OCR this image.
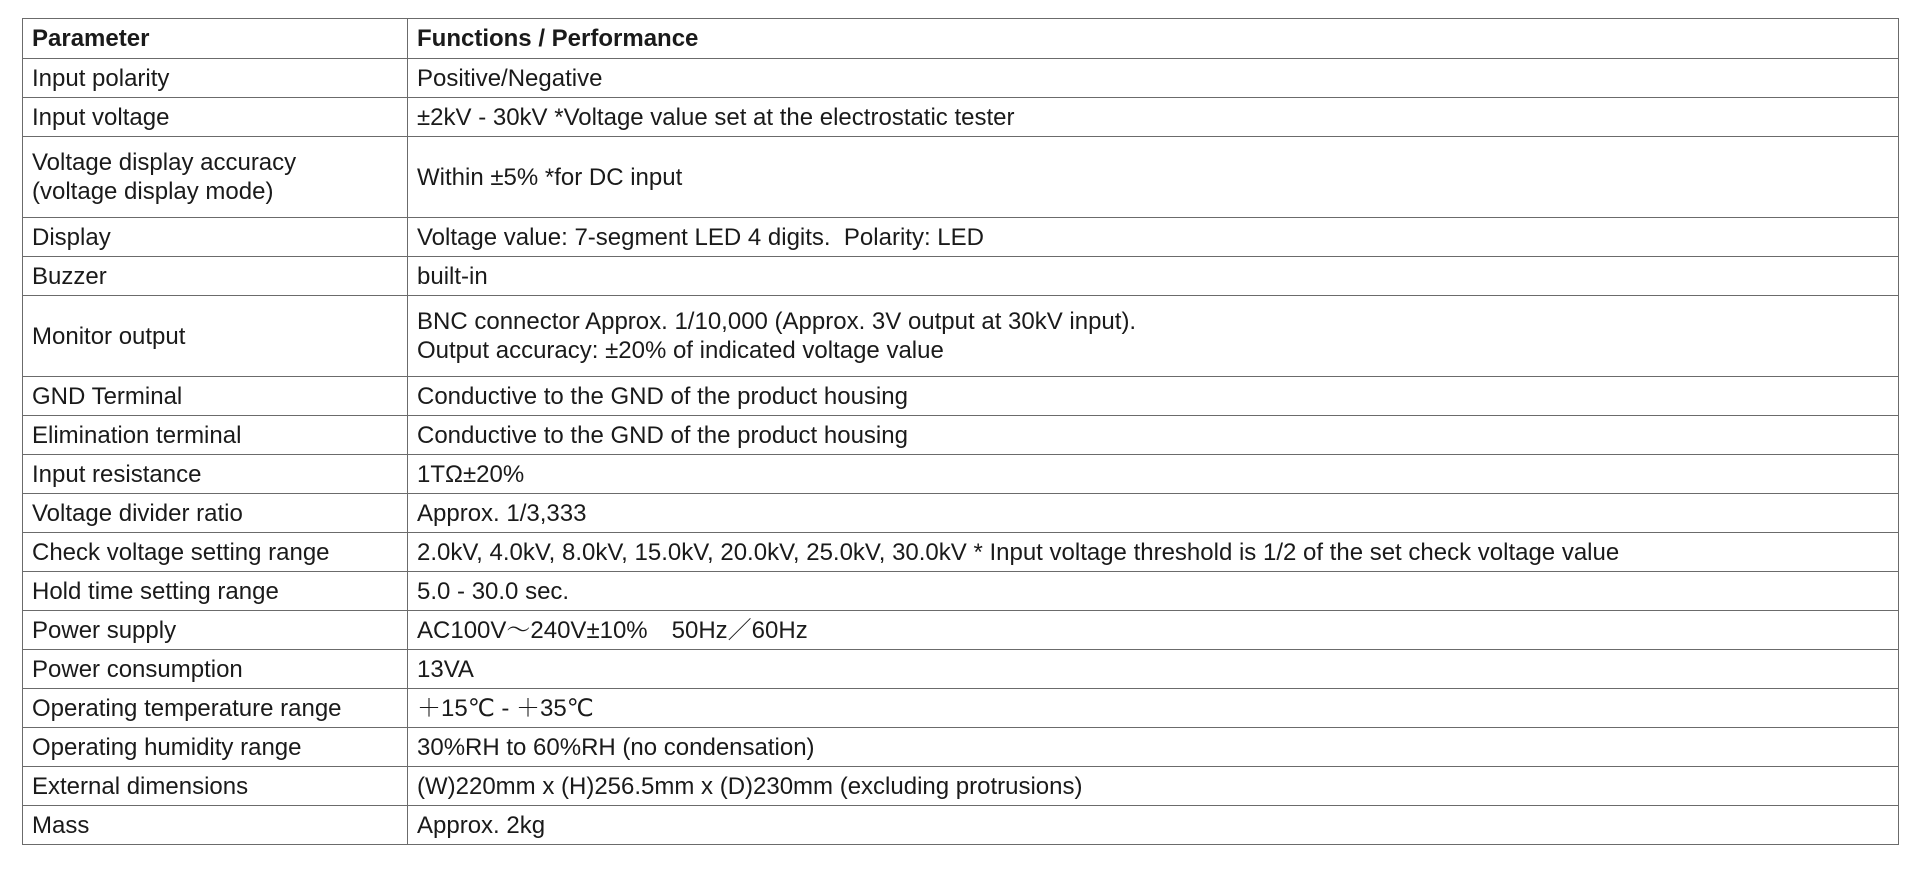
Parameter	Functions / Performance

Input polarity	Positive/Negative

Input voltage	±2kV - 30kV *Voltage value set at the electrostatic tester

Voltage display accuracy
(voltage display mode)	Within ±5% *for DC input

Display	Voltage value: 7-segment LED 4 digits.  Polarity: LED

Buzzer	built-in

Monitor output	BNC connector Approx. 1/10,000 (Approx. 3V output at 30kV input).
Output accuracy: ±20% of indicated voltage value

GND Terminal	Conductive to the GND of the product housing

Elimination terminal	Conductive to the GND of the product housing

Input resistance	1TΩ±20%

Voltage divider ratio	Approx. 1/3,333

Check voltage setting range	2.0kV, 4.0kV, 8.0kV, 15.0kV, 20.0kV, 25.0kV, 30.0kV * Input voltage threshold is 1/2 of the set check voltage value

Hold time setting range	5.0 - 30.0 sec.

Power supply	AC100V～240V±10%　50Hz／60Hz

Power consumption	13VA

Operating temperature range	＋15℃ - ＋35℃

Operating humidity range	30%RH to 60%RH (no condensation)

External dimensions	(W)220mm x (H)256.5mm x (D)230mm (excluding protrusions)

Mass	Approx. 2kg
